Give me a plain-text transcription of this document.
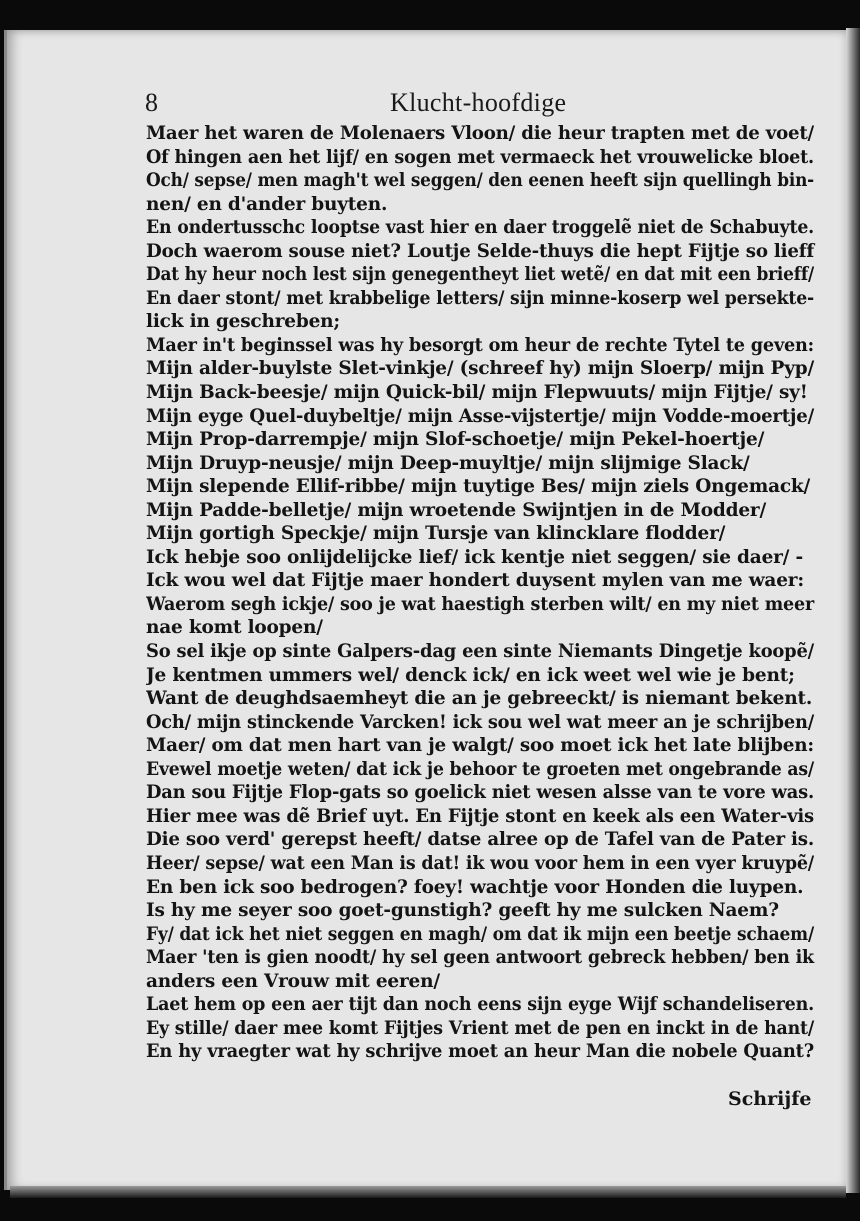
8	Klucht-hoofdige
Maer het waren de Molenaers Vloon/ die heur trapten met de voet/
Of hingen aen het lijf/ en sogen met vermaeck het vrouwelicke bloet.
Och/ sepse/ men magh't wel seggen/ den eenen heeft sijn quellingh bin-
nen/ en d'ander buyten.
En ondertusschc looptse vast hier en daer troggelẽ niet de Schabuyte.
Doch waerom souse niet? Loutje Selde-thuys die hept Fijtje so lieff
Dat hy heur noch lest sijn genegentheyt liet wetẽ/ en dat mit een brieff/
En daer stont/ met krabbelige letters/ sijn minne-koserp wel persekte-
lick in geschreben;
Maer in't beginssel was hy besorgt om heur de rechte Tytel te geven:
Mijn alder-buylste Slet-vinkje/ (schreef hy) mijn Sloerp/ mijn Pyp/
Mijn Back-beesje/ mijn Quick-bil/ mijn Flepwuuts/ mijn Fijtje/ sy!
Mijn eyge Quel-duybeltje/ mijn Asse-vijstertje/ mijn Vodde-moertje/
Mijn Prop-darrempje/ mijn Slof-schoetje/ mijn Pekel-hoertje/
Mijn Druyp-neusje/ mijn Deep-muyltje/ mijn slijmige Slack/
Mijn slepende Ellif-ribbe/ mijn tuytige Bes/ mijn ziels Ongemack/
Mijn Padde-belletje/ mijn wroetende Swijntjen in de Modder/
Mijn gortigh Speckje/ mijn Tursje van klincklare flodder/
Ick hebje soo onlijdelijcke lief/ ick kentje niet seggen/ sie daer/ -
Ick wou wel dat Fijtje maer hondert duysent mylen van me waer:
Waerom segh ickje/ soo je wat haestigh sterben wilt/ en my niet meer
nae komt loopen/
So sel ikje op sinte Galpers-dag een sinte Niemants Dingetje koopẽ/
Je kentmen ummers wel/ denck ick/ en ick weet wel wie je bent;
Want de deughdsaemheyt die an je gebreeckt/ is niemant bekent.
Och/ mijn stinckende Varcken! ick sou wel wat meer an je schrijben/
Maer/ om dat men hart van je walgt/ soo moet ick het late blijben:
Evewel moetje weten/ dat ick je behoor te groeten met ongebrande as/
Dan sou Fijtje Flop-gats so goelick niet wesen alsse van te vore was.
Hier mee was dẽ Brief uyt. En Fijtje stont en keek als een Water-vis
Die soo verd' gerepst heeft/ datse alree op de Tafel van de Pater is.
Heer/ sepse/ wat een Man is dat! ik wou voor hem in een vyer kruypẽ/
En ben ick soo bedrogen? foey! wachtje voor Honden die luypen.
Is hy me seyer soo goet-gunstigh? geeft hy me sulcken Naem?
Fy/ dat ick het niet seggen en magh/ om dat ik mijn een beetje schaem/
Maer 'ten is gien noodt/ hy sel geen antwoort gebreck hebben/ ben ik
anders een Vrouw mit eeren/
Laet hem op een aer tijt dan noch eens sijn eyge Wijf schandeliseren.
Ey stille/ daer mee komt Fijtjes Vrient met de pen en inckt in de hant/
En hy vraegter wat hy schrijve moet an heur Man die nobele Quant?
Schrijfe
